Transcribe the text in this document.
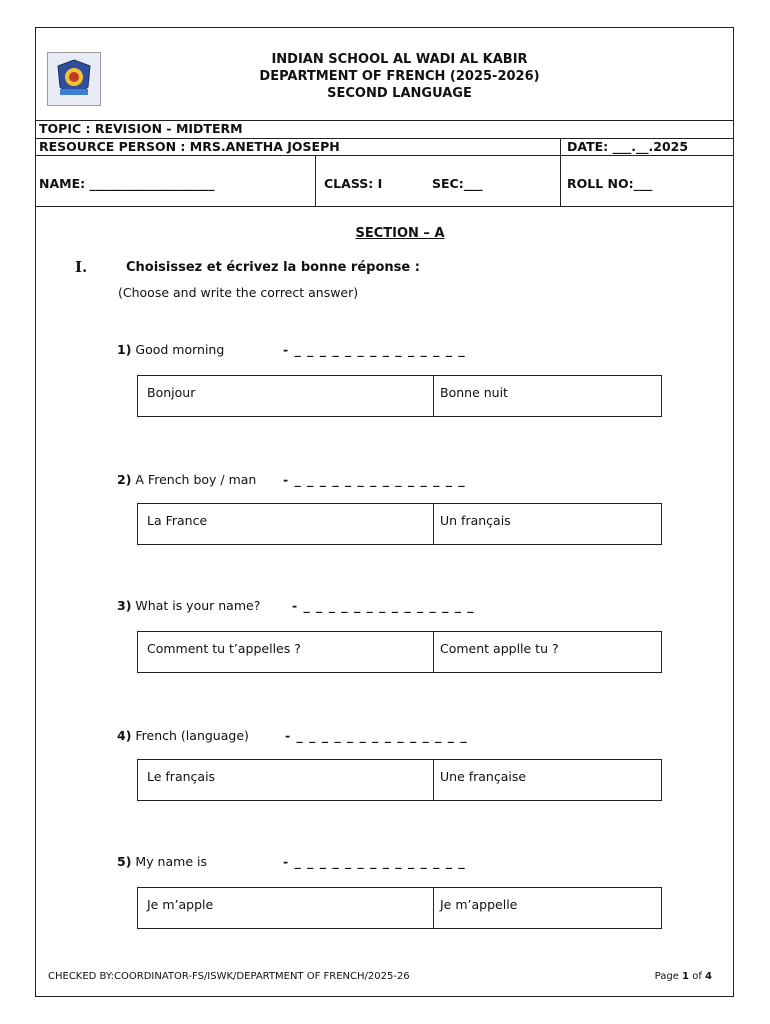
INDIAN SCHOOL AL WADI AL KABIR
DEPARTMENT OF FRENCH (2025-2026)
SECOND LANGUAGE
TOPIC : REVISION - MIDTERM
RESOURCE PERSON : MRS.ANETHA JOSEPH	DATE: ___.__.2025
NAME: ____________________	CLASS: I	SEC:___	ROLL NO:___
SECTION – A
I.	Choisissez et écrivez la bonne réponse :
(Choose and write the correct answer)
1) Good morning	- _ _ _ _ _ _ _ _ _ _ _ _ _ _
Bonjour	Bonne nuit
2) A French boy / man - _ _ _ _ _ _ _ _ _ _ _ _ _ _
La France	Un français
3) What is your name?	- _ _ _ _ _ _ _ _ _ _ _ _ _ _
Comment tu t’appelles ?	Coment applle tu ?
4) French (language)	- _ _ _ _ _ _ _ _ _ _ _ _ _ _
Le français	Une française
5) My name is	- _ _ _ _ _ _ _ _ _ _ _ _ _ _
Je m’apple	Je m’appelle
CHECKED BY:COORDINATOR-FS/ISWK/DEPARTMENT OF FRENCH/2025-26	Page 1 of 4
